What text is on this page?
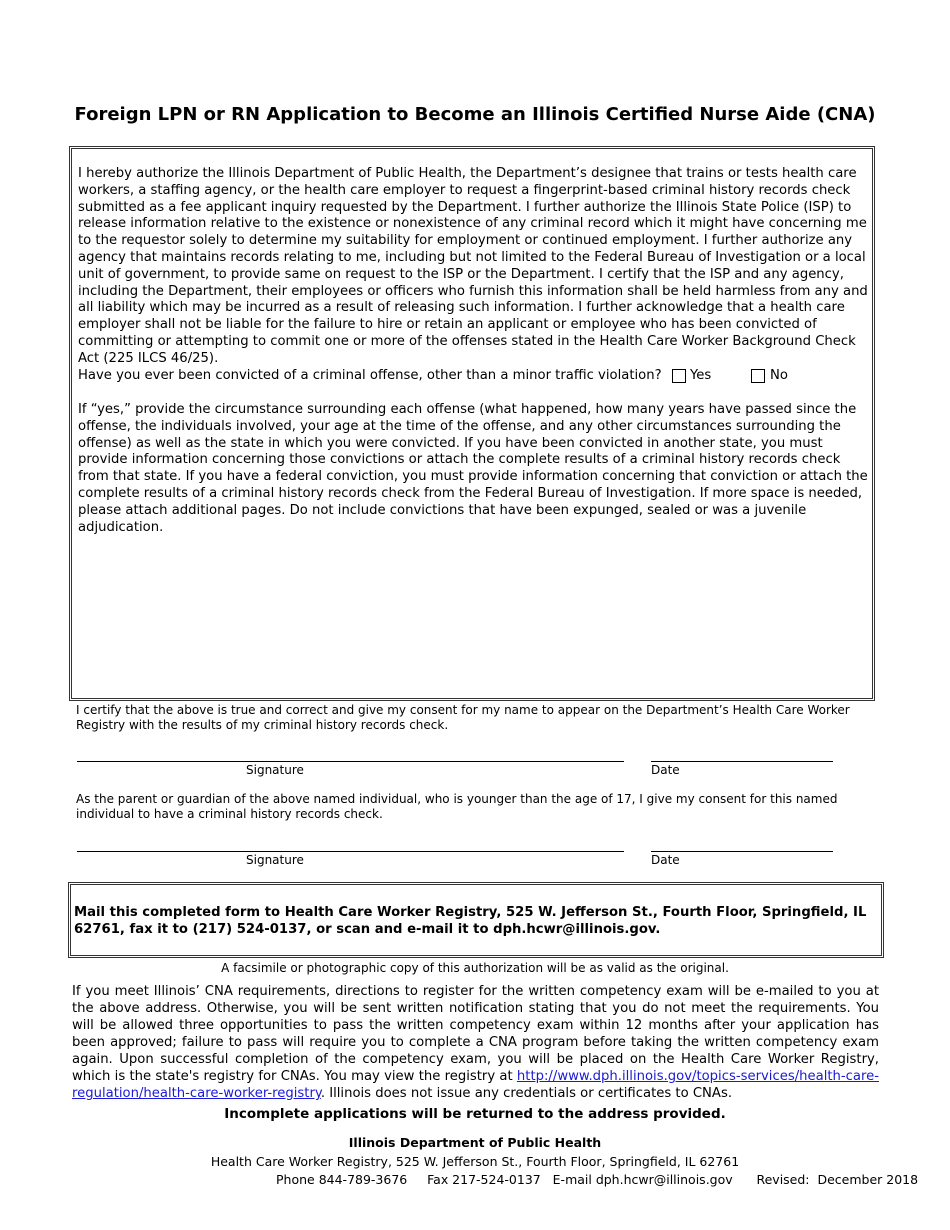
Foreign LPN or RN Application to Become an Illinois Certified Nurse Aide (CNA)
I hereby authorize the Illinois Department of Public Health, the Department’s designee that trains or tests health care workers, a staffing agency, or the health care employer to request a fingerprint-based criminal history records check submitted as a fee applicant inquiry requested by the Department. I further authorize the Illinois State Police (ISP) to release information relative to the existence or nonexistence of any criminal record which it might have concerning me to the requestor solely to determine my suitability for employment or continued employment. I further authorize any agency that maintains records relating to me, including but not limited to the Federal Bureau of Investigation or a local unit of government, to provide same on request to the ISP or the Department. I certify that the ISP and any agency, including the Department, their employees or officers who furnish this information shall be held harmless from any and all liability which may be incurred as a result of releasing such information. I further acknowledge that a health care employer shall not be liable for the failure to hire or retain an applicant or employee who has been convicted of committing or attempting to commit one or more of the offenses stated in the Health Care Worker Background Check Act (225 ILCS 46/25).
Have you ever been convicted of a criminal offense, other than a minor traffic violation? Yes	No
If “yes,” provide the circumstance surrounding each offense (what happened, how many years have passed since the offense, the individuals involved, your age at the time of the offense, and any other circumstances surrounding the offense) as well as the state in which you were convicted. If you have been convicted in another state, you must provide information concerning those convictions or attach the complete results of a criminal history records check from that state. If you have a federal conviction, you must provide information concerning that conviction or attach the complete results of a criminal history records check from the Federal Bureau of Investigation. If more space is needed, please attach additional pages. Do not include convictions that have been expunged, sealed or was a juvenile adjudication.
I certify that the above is true and correct and give my consent for my name to appear on the Department’s Health Care Worker Registry with the results of my criminal history records check.
Signature	Date
As the parent or guardian of the above named individual, who is younger than the age of 17, I give my consent for this named individual to have a criminal history records check.
Signature	Date
Mail this completed form to Health Care Worker Registry, 525 W. Jefferson St., Fourth Floor, Springfield, IL 62761, fax it to (217) 524-0137, or scan and e-mail it to dph.hcwr@illinois.gov.
A facsimile or photographic copy of this authorization will be as valid as the original.
If you meet Illinois’ CNA requirements, directions to register for the written competency exam will be e-mailed to you at the above address. Otherwise, you will be sent written notification stating that you do not meet the requirements. You will be allowed three opportunities to pass the written competency exam within 12 months after your application has been approved; failure to pass will require you to complete a CNA program before taking the written competency exam again. Upon successful completion of the competency exam, you will be placed on the Health Care Worker Registry, which is the state's registry for CNAs. You may view the registry at http://www.dph.illinois.gov/topics-services/health-care-regulation/health-care-worker-registry. Illinois does not issue any credentials or certificates to CNAs.
Incomplete applications will be returned to the address provided.
Illinois Department of Public Health
Health Care Worker Registry, 525 W. Jefferson St., Fourth Floor, Springfield, IL 62761
Phone 844-789-3676     Fax 217-524-0137   E-mail dph.hcwr@illinois.gov      Revised:  December 2018
